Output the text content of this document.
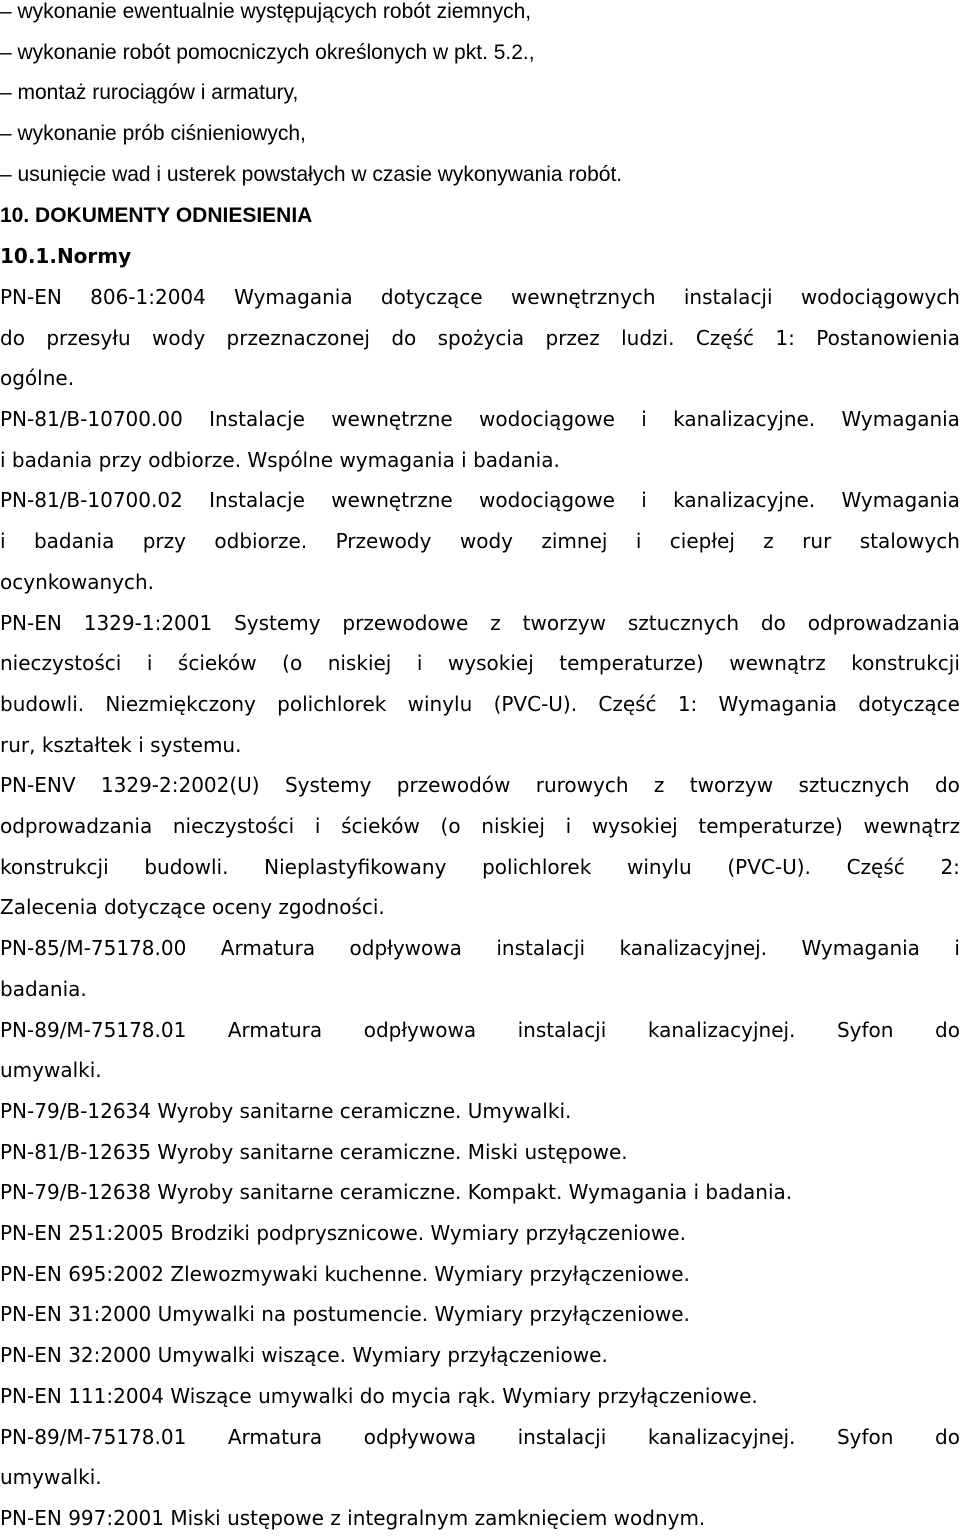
– wykonanie ewentualnie występujących robót ziemnych,
– wykonanie robót pomocniczych określonych w pkt. 5.2.,
– montaż rurociągów i armatury,
– wykonanie prób ciśnieniowych,
– usunięcie wad i usterek powstałych w czasie wykonywania robót.
10. DOKUMENTY ODNIESIENIA
10.1.Normy
PN-EN 806-1:2004 Wymagania dotyczące wewnętrznych instalacji wodociągowych
do przesyłu wody przeznaczonej do spożycia przez ludzi. Część 1: Postanowienia
ogólne.
PN-81/B-10700.00 Instalacje wewnętrzne wodociągowe i kanalizacyjne. Wymagania
i badania przy odbiorze. Wspólne wymagania i badania.
PN-81/B-10700.02 Instalacje wewnętrzne wodociągowe i kanalizacyjne. Wymagania
i badania przy odbiorze. Przewody wody zimnej i ciepłej z rur stalowych
ocynkowanych.
PN-EN 1329-1:2001 Systemy przewodowe z tworzyw sztucznych do odprowadzania
nieczystości i ścieków (o niskiej i wysokiej temperaturze) wewnątrz konstrukcji
budowli. Niezmiękczony polichlorek winylu (PVC-U). Część 1: Wymagania dotyczące
rur, kształtek i systemu.
PN-ENV 1329-2:2002(U) Systemy przewodów rurowych z tworzyw sztucznych do
odprowadzania nieczystości i ścieków (o niskiej i wysokiej temperaturze) wewnątrz
konstrukcji budowli. Nieplastyfikowany polichlorek winylu (PVC-U). Część 2:
Zalecenia dotyczące oceny zgodności.
PN-85/M-75178.00 Armatura odpływowa instalacji kanalizacyjnej. Wymagania i
badania.
PN-89/M-75178.01 Armatura odpływowa instalacji kanalizacyjnej. Syfon do
umywalki.
PN-79/B-12634 Wyroby sanitarne ceramiczne. Umywalki.
PN-81/B-12635 Wyroby sanitarne ceramiczne. Miski ustępowe.
PN-79/B-12638 Wyroby sanitarne ceramiczne. Kompakt. Wymagania i badania.
PN-EN 251:2005 Brodziki podprysznicowe. Wymiary przyłączeniowe.
PN-EN 695:2002 Zlewozmywaki kuchenne. Wymiary przyłączeniowe.
PN-EN 31:2000 Umywalki na postumencie. Wymiary przyłączeniowe.
PN-EN 32:2000 Umywalki wiszące. Wymiary przyłączeniowe.
PN-EN 111:2004 Wiszące umywalki do mycia rąk. Wymiary przyłączeniowe.
PN-89/M-75178.01 Armatura odpływowa instalacji kanalizacyjnej. Syfon do
umywalki.
PN-EN 997:2001 Miski ustępowe z integralnym zamknięciem wodnym.
